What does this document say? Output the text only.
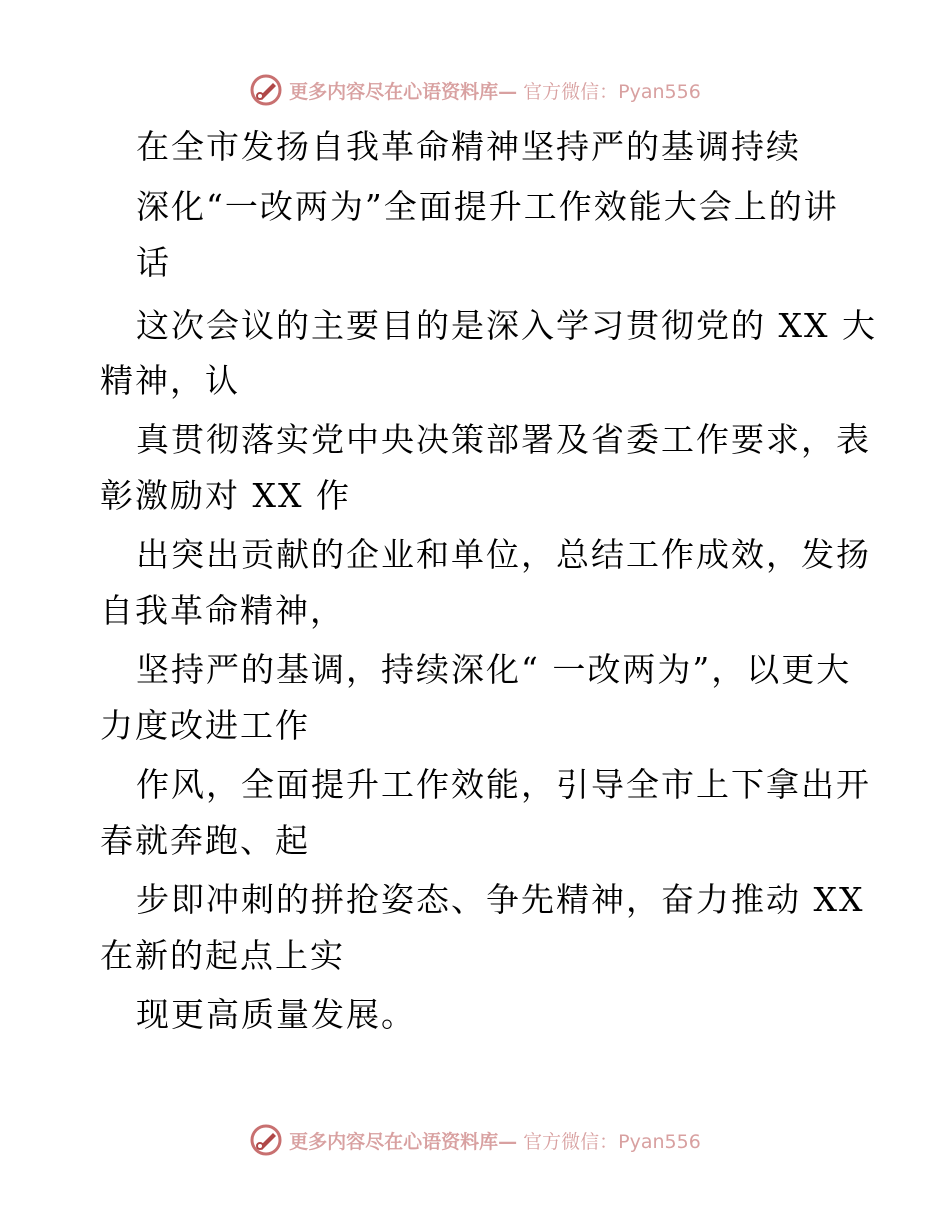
更多内容尽在心语资料库— 官方微信：Pyan556
在全市发扬自我革命精神坚持严的基调持续
深化“一改两为”全面提升工作效能大会上的讲
话
这次会议的主要目的是深入学习贯彻党的 XX 大
精神，认
真贯彻落实党中央决策部署及省委工作要求，表
彰激励对 XX 作
出突出贡献的企业和单位，总结工作成效，发扬
自我革命精神，
坚持严的基调，持续深化“ 一改两为”，以更大
力度改进工作
作风，全面提升工作效能，引导全市上下拿出开
春就奔跑、起
步即冲刺的拼抢姿态、争先精神，奋力推动 XX
在新的起点上实
现更高质量发展。
更多内容尽在心语资料库— 官方微信：Pyan556
